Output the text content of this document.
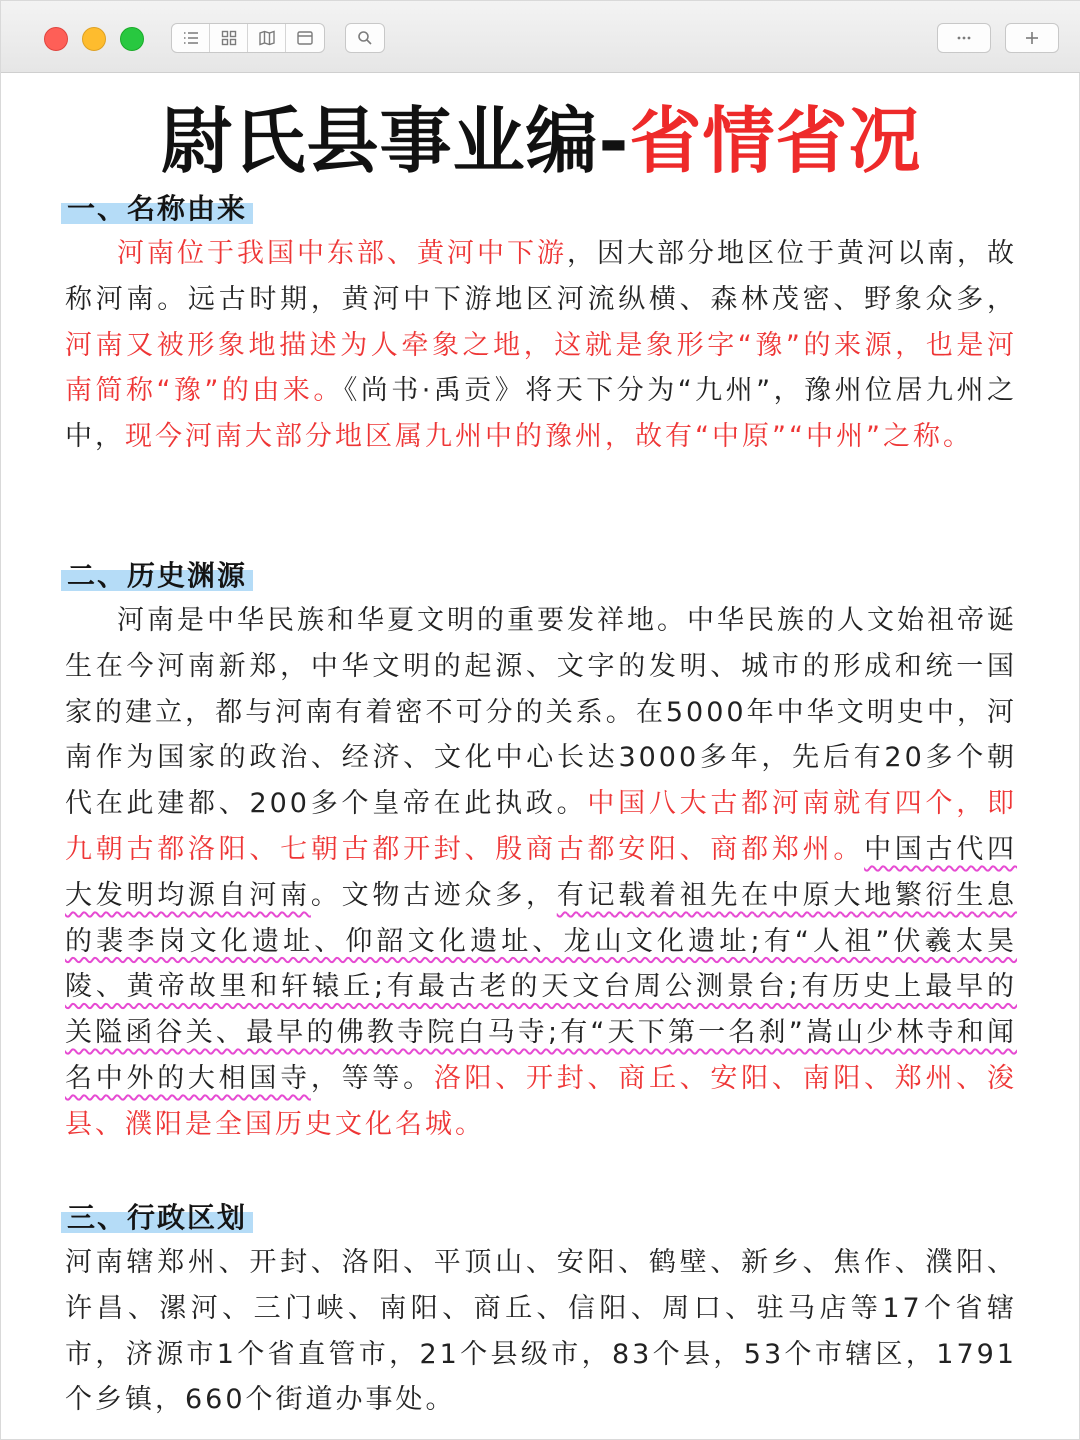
尉氏县事业编-省情省况
一、名称由来
河南位于我国中东部、黄河中下游，因大部分地区位于黄河以南，故称河南。远古时期，黄河中下游地区河流纵横、森林茂密、野象众多，河南又被形象地描述为人牵象之地，这就是象形字“豫”的来源，也是河南简称“豫”的由来。《尚书·禹贡》将天下分为“九州”，豫州位居九州之中，现今河南大部分地区属九州中的豫州，故有“中原”“中州”之称。
二、历史渊源
河南是中华民族和华夏文明的重要发祥地。中华民族的人文始祖帝诞生在今河南新郑，中华文明的起源、文字的发明、城市的形成和统一国家的建立，都与河南有着密不可分的关系。在5000年中华文明史中，河南作为国家的政治、经济、文化中心长达3000多年，先后有20多个朝代在此建都、200多个皇帝在此执政。中国八大古都河南就有四个，即九朝古都洛阳、七朝古都开封、殷商古都安阳、商都郑州。中国古代四大发明均源自河南。文物古迹众多，有记载着祖先在中原大地繁衍生息的裴李岗文化遗址、仰韶文化遗址、龙山文化遗址;有“人祖”伏羲太昊陵、黄帝故里和轩辕丘;有最古老的天文台周公测景台;有历史上最早的关隘函谷关、最早的佛教寺院白马寺;有“天下第一名刹”嵩山少林寺和闻名中外的大相国寺，等等。洛阳、开封、商丘、安阳、南阳、郑州、浚县、濮阳是全国历史文化名城。
三、行政区划
河南辖郑州、开封、洛阳、平顶山、安阳、鹤壁、新乡、焦作、濮阳、许昌、漯河、三门峡、南阳、商丘、信阳、周口、驻马店等17个省辖市，济源市1个省直管市，21个县级市，83个县，53个市辖区，1791个乡镇，660个街道办事处。
